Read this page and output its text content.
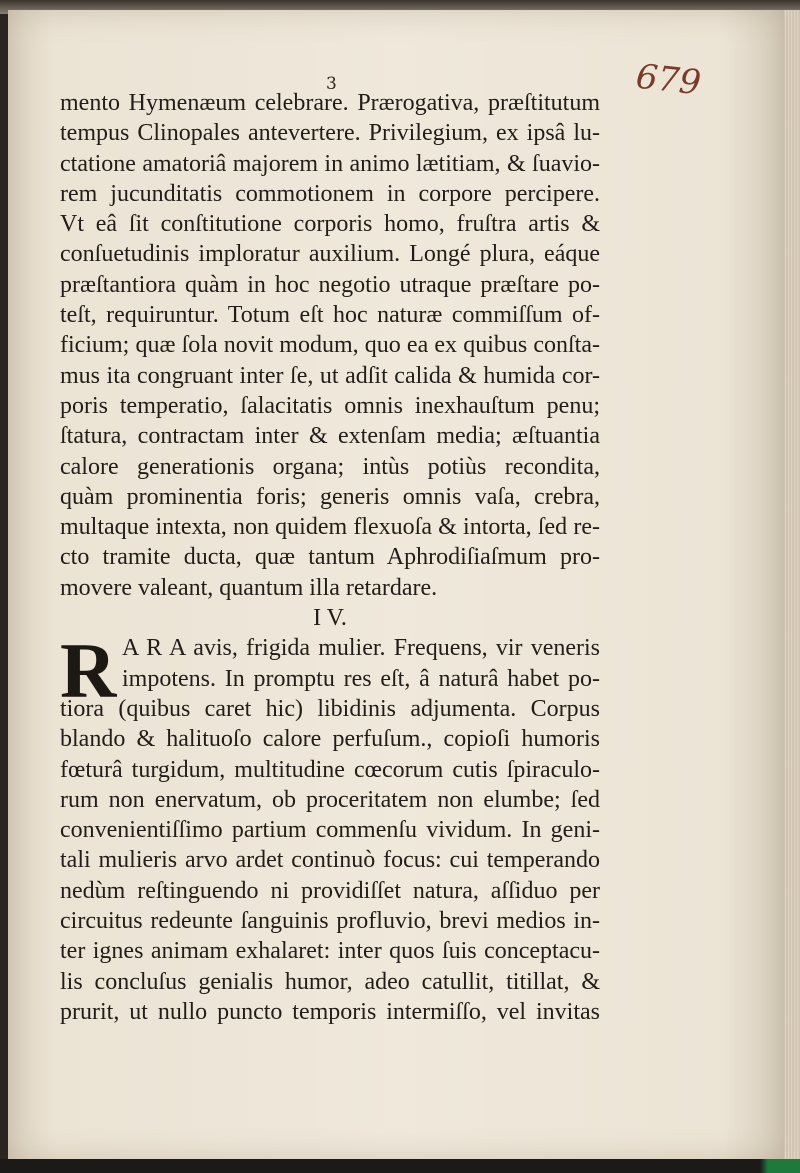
3	679
mento Hymenæum celebrare. Prærogativa, præſtitutum
tempus Clinopales antevertere. Privilegium, ex ipsâ lu-
ctatione amatoriâ majorem in animo lætitiam, & ſuavio-
rem jucunditatis commotionem in corpore percipere.
Vt eâ ſit conſtitutione corporis homo, fruſtra artis &
conſuetudinis imploratur auxilium. Longé plura, eáque
præſtantiora quàm in hoc negotio utraque præſtare po-
teſt, requiruntur. Totum eſt hoc naturæ commiſſum of-
ficium; quæ ſola novit modum, quo ea ex quibus conſta-
mus ita congruant inter ſe, ut adſit calida & humida cor-
poris temperatio, ſalacitatis omnis inexhauſtum penu;
ſtatura, contractam inter & extenſam media; æſtuantia
calore generationis organa; intùs potiùs recondita,
quàm prominentia foris; generis omnis vaſa, crebra,
multaque intexta, non quidem flexuoſa & intorta, ſed re-
cto tramite ducta, quæ tantum Aphrodiſiaſmum pro-
movere valeant, quantum illa retardare.
I V.
R A R A avis, frigida mulier. Frequens, vir veneris
impotens. In promptu res eſt, â naturâ habet po-
tiora (quibus caret hic) libidinis adjumenta. Corpus
blando & halituoſo calore perfuſum., copioſi humoris
fœturâ turgidum, multitudine cœcorum cutis ſpiraculo-
rum non enervatum, ob proceritatem non elumbe; ſed
convenientiſſimo partium commenſu vividum. In geni-
tali mulieris arvo ardet continuò focus: cui temperando
nedùm reſtinguendo ni providiſſet natura, aſſiduo per
circuitus redeunte ſanguinis profluvio, brevi medios in-
ter ignes animam exhalaret: inter quos ſuis conceptacu-
lis concluſus genialis humor, adeo catullit, titillat, &
prurit, ut nullo puncto temporis intermiſſo, vel invitas
